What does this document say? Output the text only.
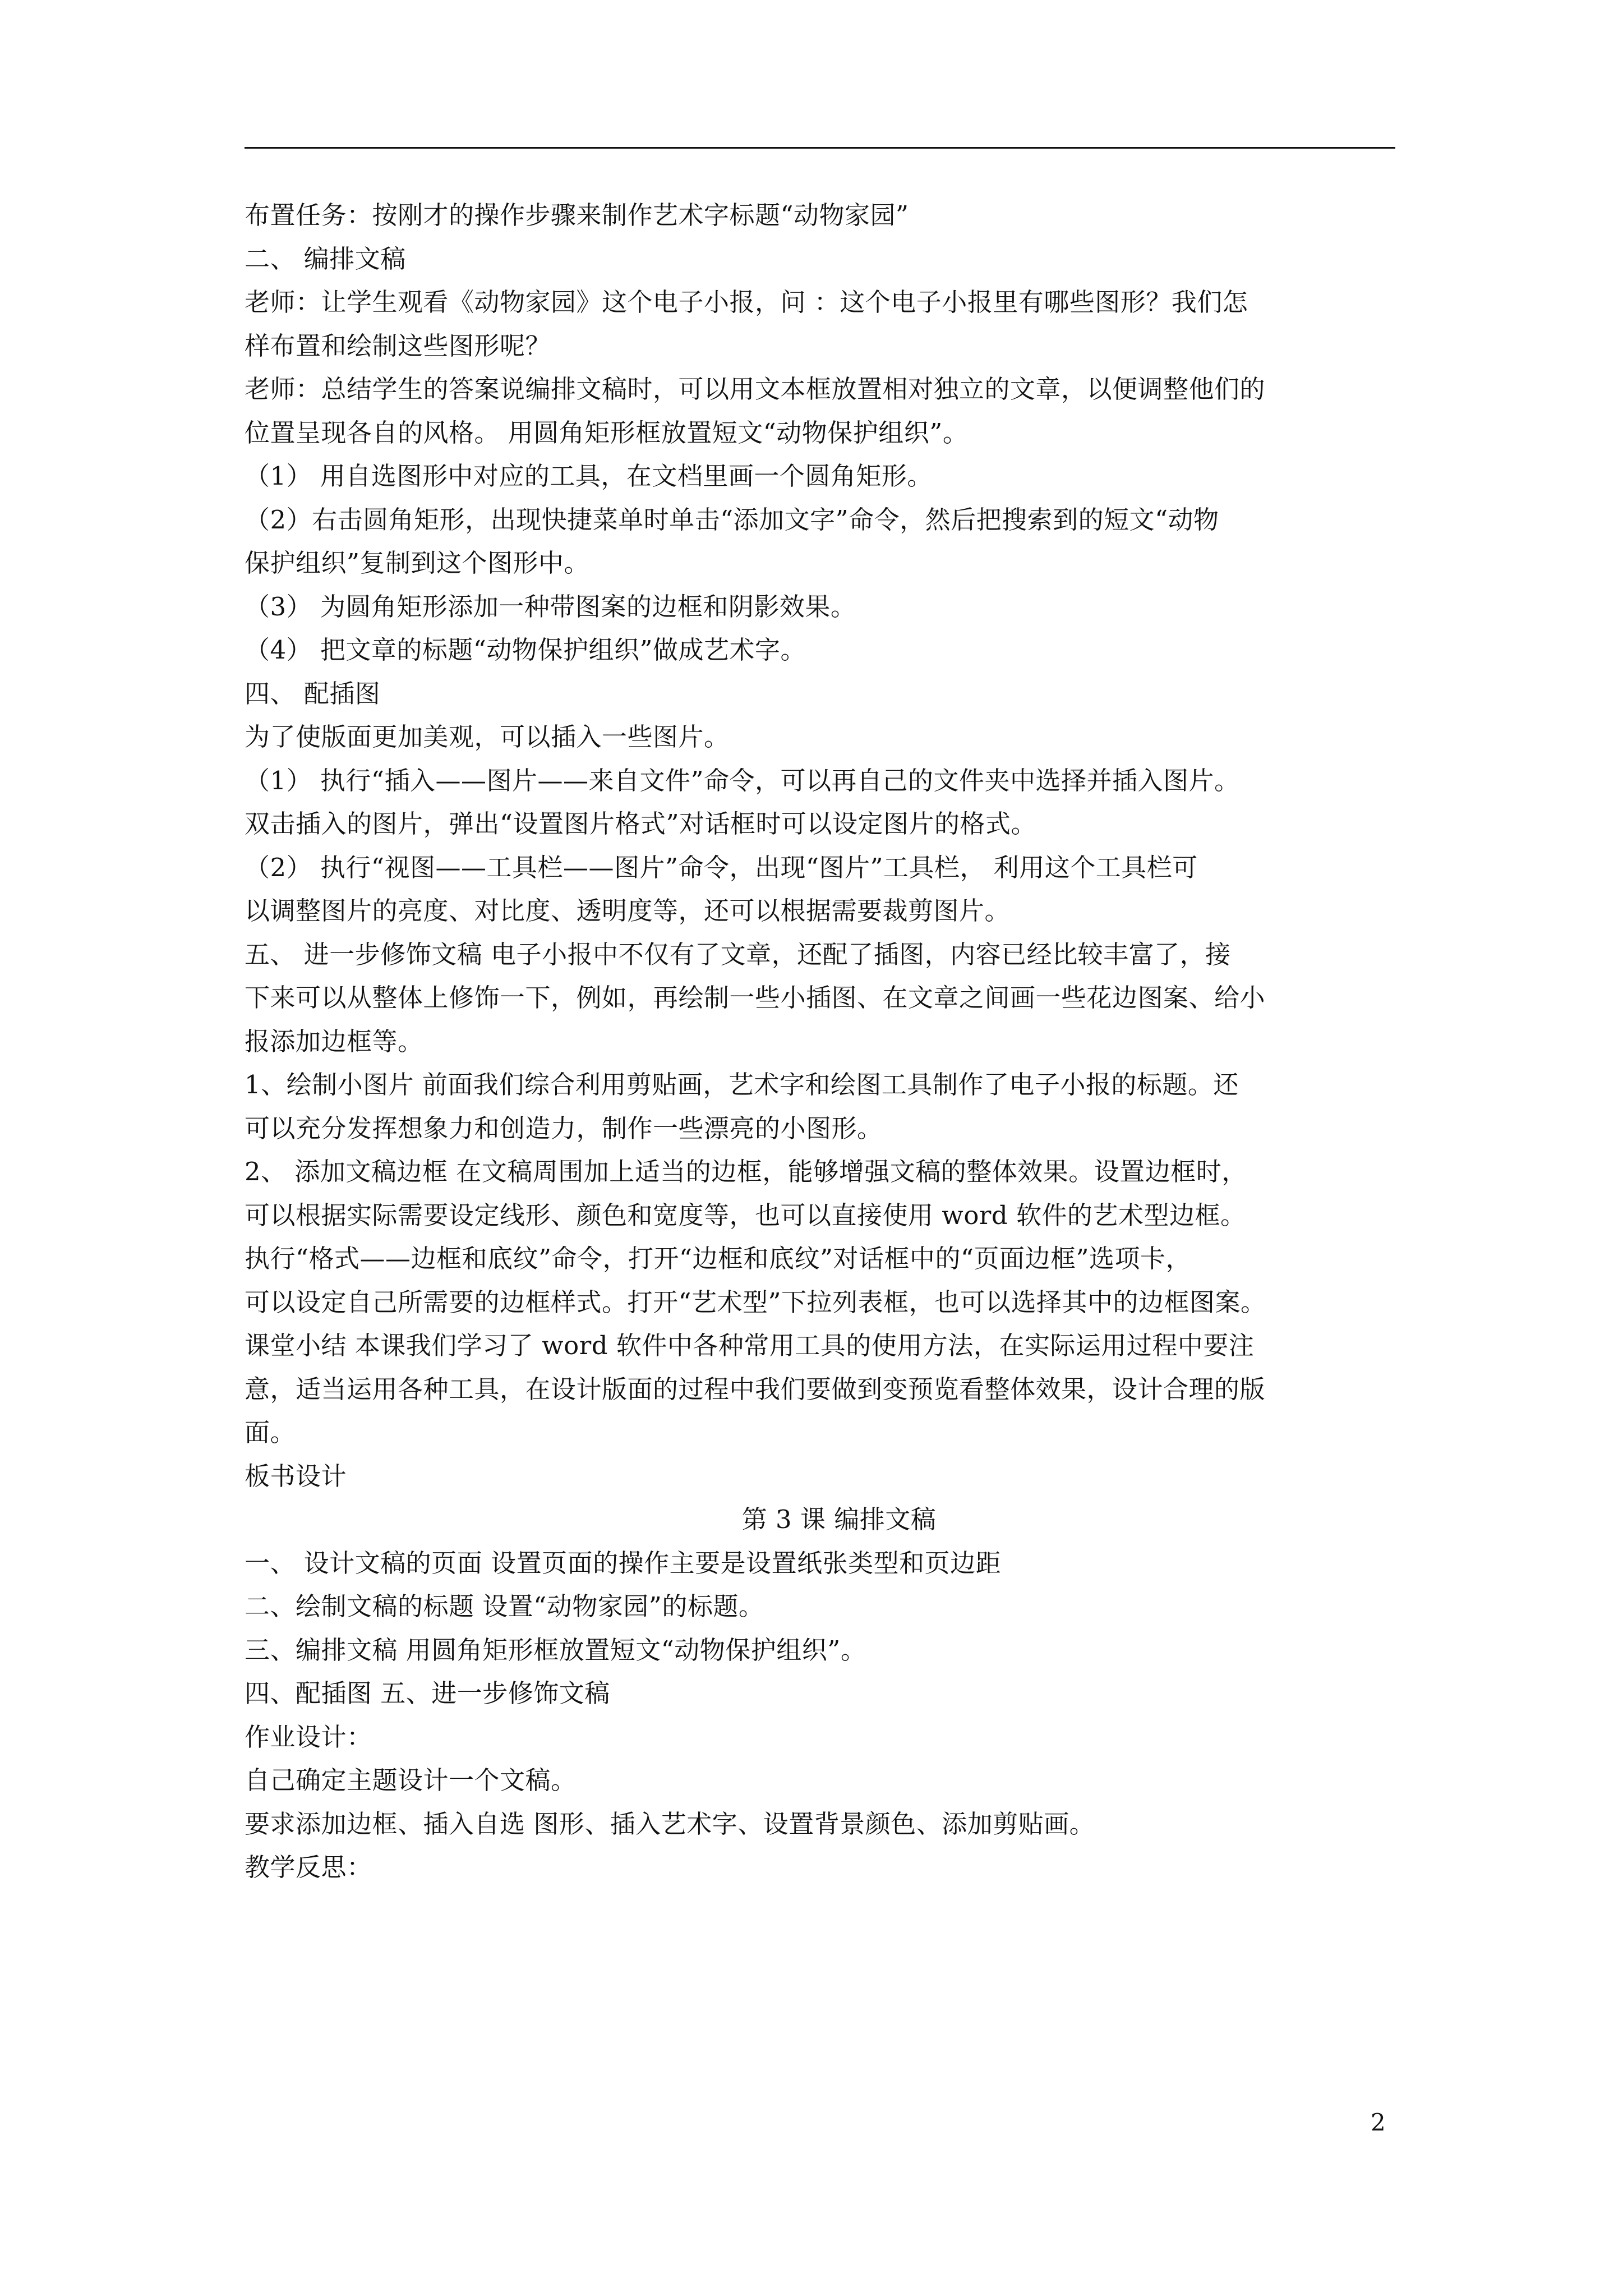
布置任务：按刚才的操作步骤来制作艺术字标题“动物家园”
二、 编排文稿
老师：让学生观看《动物家园》这个电子小报，问 ：这个电子小报里有哪些图形？我们怎
样布置和绘制这些图形呢？
老师：总结学生的答案说编排文稿时，可以用文本框放置相对独立的文章，以便调整他们的
位置呈现各自的风格。 用圆角矩形框放置短文“动物保护组织”。
（1） 用自选图形中对应的工具，在文档里画一个圆角矩形。
（2）右击圆角矩形，出现快捷菜单时单击“添加文字”命令，然后把搜索到的短文“动物
保护组织”复制到这个图形中。
（3） 为圆角矩形添加一种带图案的边框和阴影效果。
（4） 把文章的标题“动物保护组织”做成艺术字。
四、 配插图
为了使版面更加美观，可以插入一些图片。
（1） 执行“插入——图片——来自文件”命令，可以再自己的文件夹中选择并插入图片。
双击插入的图片，弹出“设置图片格式”对话框时可以设定图片的格式。
（2） 执行“视图——工具栏——图片”命令，出现“图片”工具栏， 利用这个工具栏可
以调整图片的亮度、对比度、透明度等，还可以根据需要裁剪图片。
五、 进一步修饰文稿 电子小报中不仅有了文章，还配了插图，内容已经比较丰富了，接
下来可以从整体上修饰一下，例如，再绘制一些小插图、在文章之间画一些花边图案、给小
报添加边框等。
1、绘制小图片 前面我们综合利用剪贴画，艺术字和绘图工具制作了电子小报的标题。还
可以充分发挥想象力和创造力，制作一些漂亮的小图形。
2、 添加文稿边框 在文稿周围加上适当的边框，能够增强文稿的整体效果。设置边框时，
可以根据实际需要设定线形、颜色和宽度等，也可以直接使用 word 软件的艺术型边框。
执行“格式——边框和底纹”命令，打开“边框和底纹”对话框中的“页面边框”选项卡，
可以设定自己所需要的边框样式。打开“艺术型”下拉列表框，也可以选择其中的边框图案。
课堂小结 本课我们学习了 word 软件中各种常用工具的使用方法，在实际运用过程中要注
意，适当运用各种工具，在设计版面的过程中我们要做到变预览看整体效果，设计合理的版
面。
板书设计
第 3 课 编排文稿
一、 设计文稿的页面 设置页面的操作主要是设置纸张类型和页边距
二、绘制文稿的标题 设置“动物家园”的标题。
三、编排文稿 用圆角矩形框放置短文“动物保护组织”。
四、配插图 五、进一步修饰文稿
作业设计：
自己确定主题设计一个文稿。
要求添加边框、插入自选 图形、插入艺术字、设置背景颜色、添加剪贴画。
教学反思：
2
